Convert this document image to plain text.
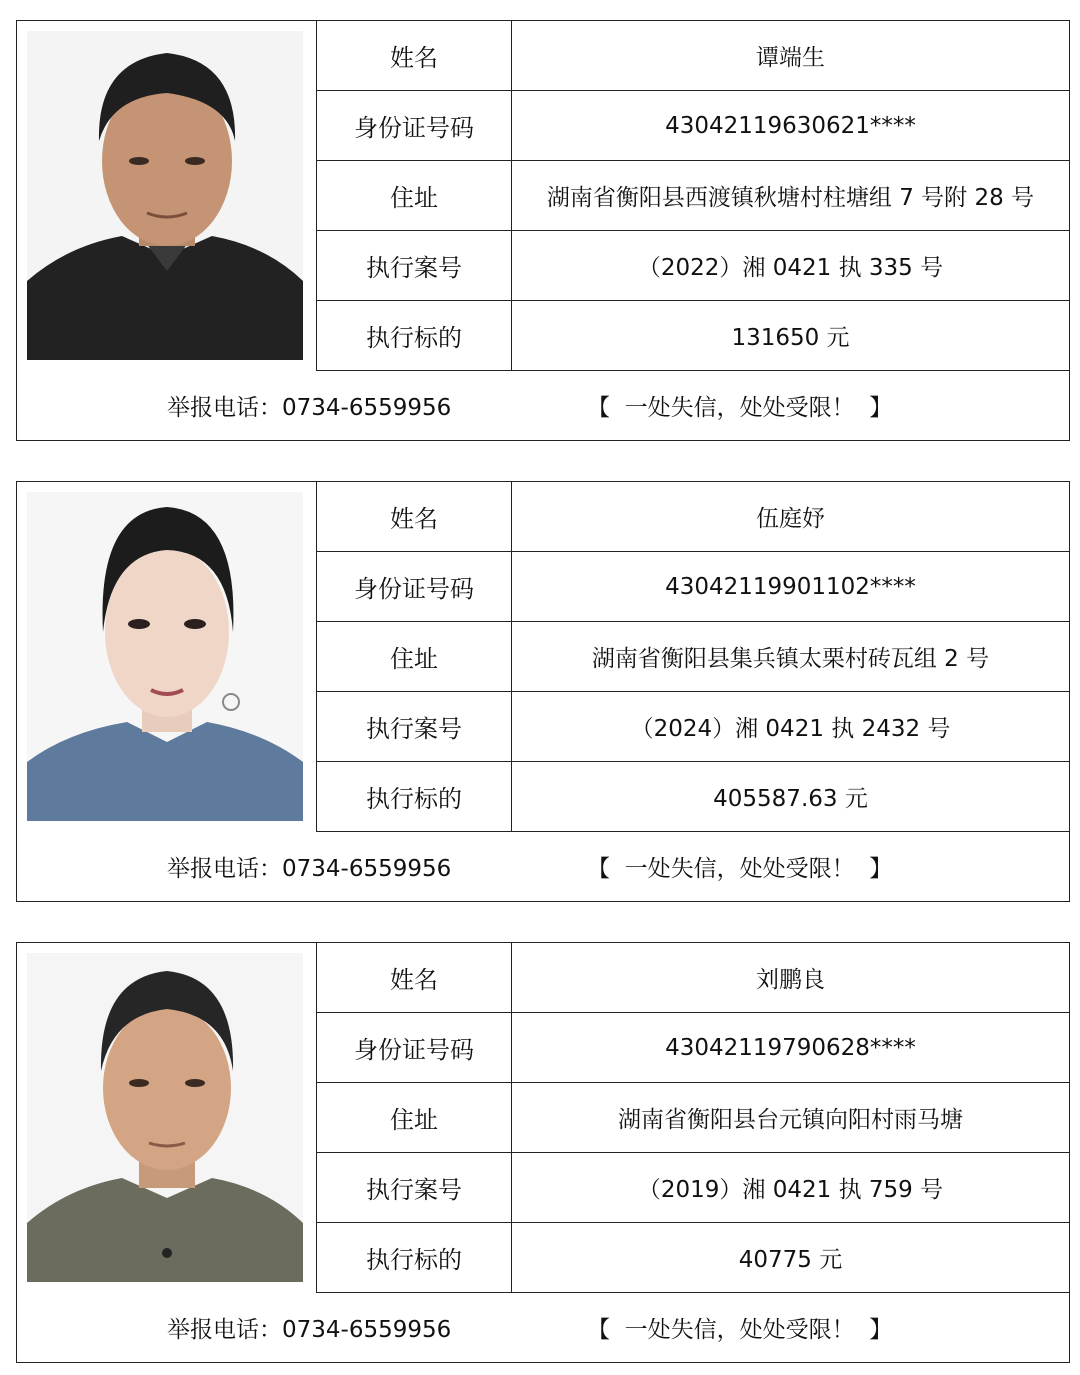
姓名	谭端生
身份证号码	43042119630621****
住址	湖南省衡阳县西渡镇秋塘村柱塘组 7 号附 28 号
执行案号	（2022）湘 0421 执 335 号
执行标的	131650 元
举报电话：0734-6559956	【  一处失信，处处受限！  】
姓名	伍庭妤
身份证号码	43042119901102****
住址	湖南省衡阳县集兵镇太栗村砖瓦组 2 号
执行案号	（2024）湘 0421 执 2432 号
执行标的	405587.63 元
举报电话：0734-6559956	【  一处失信，处处受限！  】
姓名	刘鹏良
身份证号码	43042119790628****
住址	湖南省衡阳县台元镇向阳村雨马塘
执行案号	（2019）湘 0421 执 759 号
执行标的	40775 元
举报电话：0734-6559956	【  一处失信，处处受限！  】
